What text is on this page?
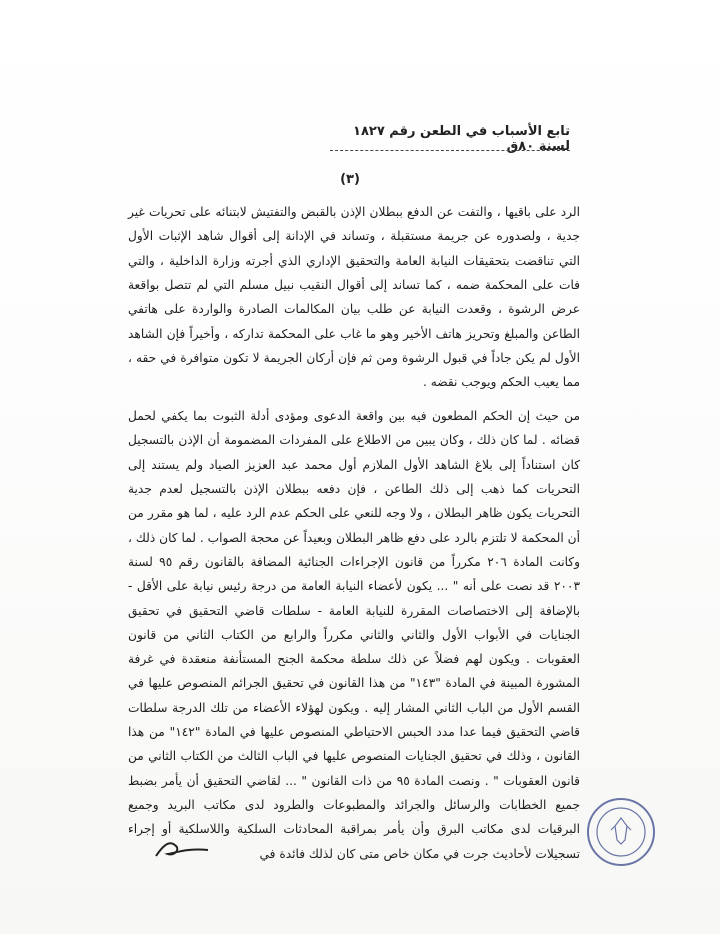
تابع الأسباب في الطعن رقم ١٨٢٧ لسنة ٨٠ق
(٣)

الرد على باقيها ، والتفت عن الدفع ببطلان الإذن بالقبض والتفتيش لابتنائه على تحريات غير جدية ، ولصدوره عن جريمة مستقبلة ، وتساند في الإدانة إلى أقوال شاهد الإثبات الأول التي تناقضت بتحقيقات النيابة العامة والتحقيق الإداري الذي أجرته وزارة الداخلية ، والتي فات على المحكمة ضمه ، كما تساند إلى أقوال النقيب نبيل مسلم التي لم تتصل بواقعة عرض الرشوة ، وقعدت النيابة عن طلب بيان المكالمات الصادرة والواردة على هاتفي الطاعن والمبلغ وتحريز هاتف الأخير وهو ما غاب على المحكمة تداركه ، وأخيراً فإن الشاهد الأول لم يكن جاداً في قبول الرشوة ومن ثم فإن أركان الجريمة لا تكون متوافرة في حقه ، مما يعيب الحكم ويوجب نقضه .

من حيث إن الحكم المطعون فيه بين واقعة الدعوى ومؤدى أدلة الثبوت بما يكفي لحمل قضائه . لما كان ذلك ، وكان يبين من الاطلاع على المفردات المضمومة أن الإذن بالتسجيل كان استناداً إلى بلاغ الشاهد الأول الملازم أول محمد عبد العزيز الصياد ولم يستند إلى التحريات كما ذهب إلى ذلك الطاعن ، فإن دفعه ببطلان الإذن بالتسجيل لعدم جدية التحريات يكون ظاهر البطلان ، ولا وجه للنعي على الحكم عدم الرد عليه ، لما هو مقرر من أن المحكمة لا تلتزم بالرد على دفع ظاهر البطلان وبعيداً عن محجة الصواب . لما كان ذلك ، وكانت المادة ٢٠٦ مكرراً من قانون الإجراءات الجنائية المضافة بالقانون رقم ٩٥ لسنة ٢٠٠٣ قد نصت على أنه " ... يكون لأعضاء النيابة العامة من درجة رئيس نيابة على الأقل - بالإضافة إلى الاختصاصات المقررة للنيابة العامة - سلطات قاضي التحقيق في تحقيق الجنايات في الأبواب الأول والثاني والثاني مكرراً والرابع من الكتاب الثاني من قانون العقوبات . ويكون لهم فضلاً عن ذلك سلطة محكمة الجنح المستأنفة منعقدة في غرفة المشورة المبينة في المادة "١٤٣" من هذا القانون في تحقيق الجرائم المنصوص عليها في القسم الأول من الباب الثاني المشار إليه . ويكون لهؤلاء الأعضاء من تلك الدرجة سلطات قاضي التحقيق فيما عدا مدد الحبس الاحتياطي المنصوص عليها في المادة "١٤٢" من هذا القانون ، وذلك في تحقيق الجنايات المنصوص عليها في الباب الثالث من الكتاب الثاني من قانون العقوبات " . ونصت المادة ٩٥ من ذات القانون " ... لقاضي التحقيق أن يأمر بضبط جميع الخطابات والرسائل والجرائد والمطبوعات والطرود لدى مكاتب البريد وجميع البرقيات لدى مكاتب البرق وأن يأمر بمراقبة المحادثات السلكية واللاسلكية أو إجراء تسجيلات لأحاديث جرت في مكان خاص متى كان لذلك فائدة في
